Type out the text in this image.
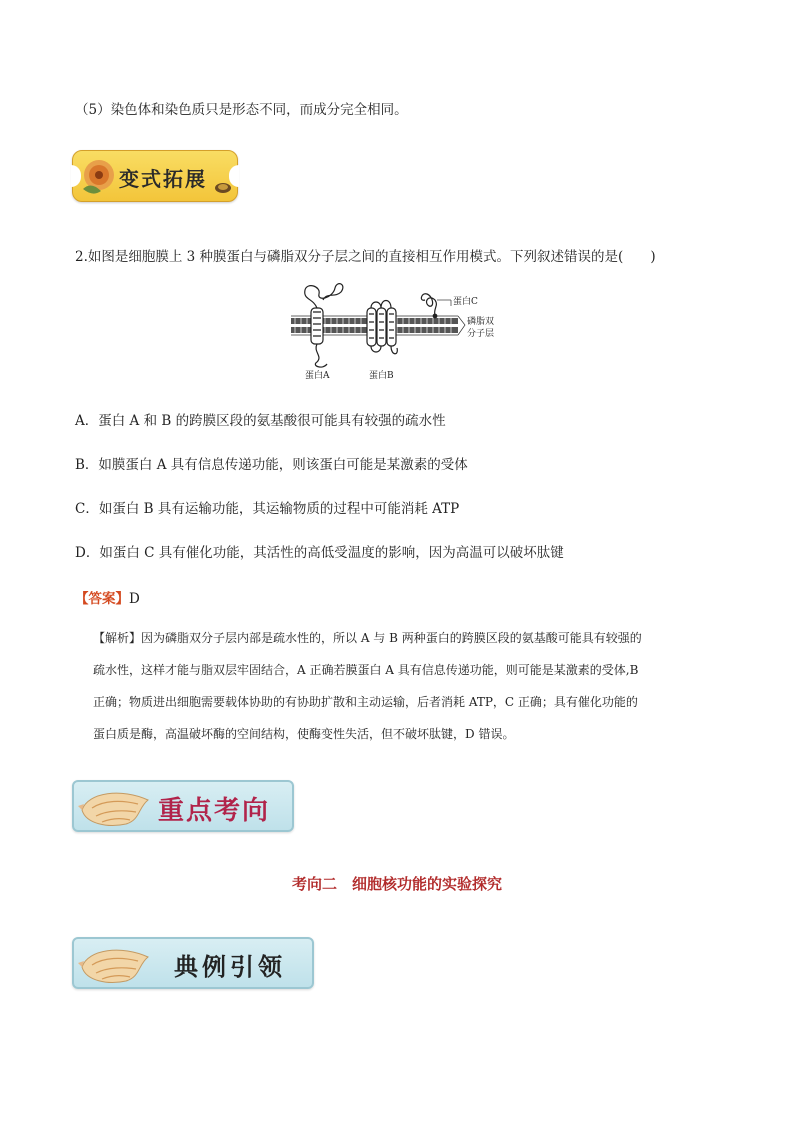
（5）染色体和染色质只是形态不同，而成分完全相同。
变式拓展
2.如图是细胞膜上 3 种膜蛋白与磷脂双分子层之间的直接相互作用模式。下列叙述错误的是(　　)
蛋白C
磷脂双
分子层
蛋白A	蛋白B
A．蛋白 A 和 B 的跨膜区段的氨基酸很可能具有较强的疏水性
B．如膜蛋白 A 具有信息传递功能，则该蛋白可能是某激素的受体
C．如蛋白 B 具有运输功能，其运输物质的过程中可能消耗 ATP
D．如蛋白 C 具有催化功能，其活性的高低受温度的影响，因为高温可以破坏肽键
【答案】D

【解析】因为磷脂双分子层内部是疏水性的，所以 A 与 B 两种蛋白的跨膜区段的氨基酸可能具有较强的

疏水性，这样才能与脂双层牢固结合，A 正确若膜蛋白 A 具有信息传递功能，则可能是某激素的受体,B

正确；物质进出细胞需要载体协助的有协助扩散和主动运输，后者消耗 ATP，C 正确；具有催化功能的

蛋白质是酶，高温破坏酶的空间结构，使酶变性失活，但不破坏肽键，D 错误。

重点考向
考向二　细胞核功能的实验探究
典例引领
